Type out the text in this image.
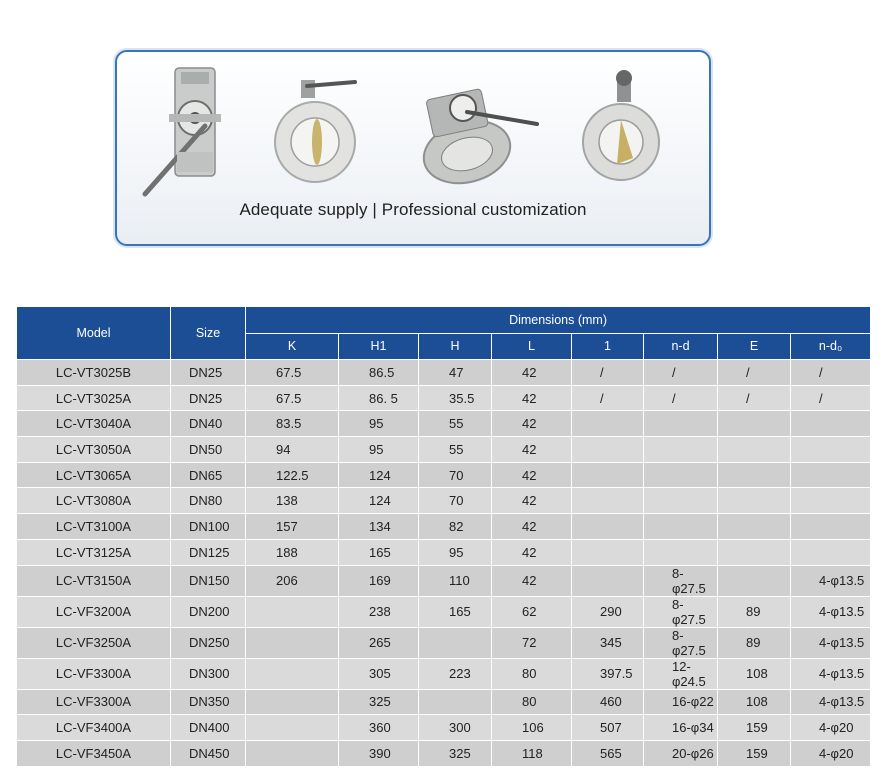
Adequate supply | Professional customization
Model	Size	Dimensions (mm)							
		K	H1	H	L	1	n-d	E	n-d₀
LC-VT3025B	DN25	67.5	86.5	47	42	/	/	/	/
LC-VT3025A	DN25	67.5	86. 5	35.5	42	/	/	/	/
LC-VT3040A	DN40	83.5	95	55	42				
LC-VT3050A	DN50	94	95	55	42				
LC-VT3065A	DN65	122.5	124	70	42				
LC-VT3080A	DN80	138	124	70	42				
LC-VT3100A	DN100	157	134	82	42				
LC-VT3125A	DN125	188	165	95	42				
LC-VT3150A	DN150	206	169	110	42		8-φ27.5		4-φ13.5
LC-VF3200A	DN200		238	165	62	290	8-φ27.5	89	4-φ13.5
LC-VF3250A	DN250		265		72	345	8-φ27.5	89	4-φ13.5
LC-VF3300A	DN300		305	223	80	397.5	12-φ24.5	108	4-φ13.5
LC-VF3300A	DN350		325		80	460	16-φ22	108	4-φ13.5
LC-VF3400A	DN400		360	300	106	507	16-φ34	159	4-φ20
LC-VF3450A	DN450		390	325	118	565	20-φ26	159	4-φ20
